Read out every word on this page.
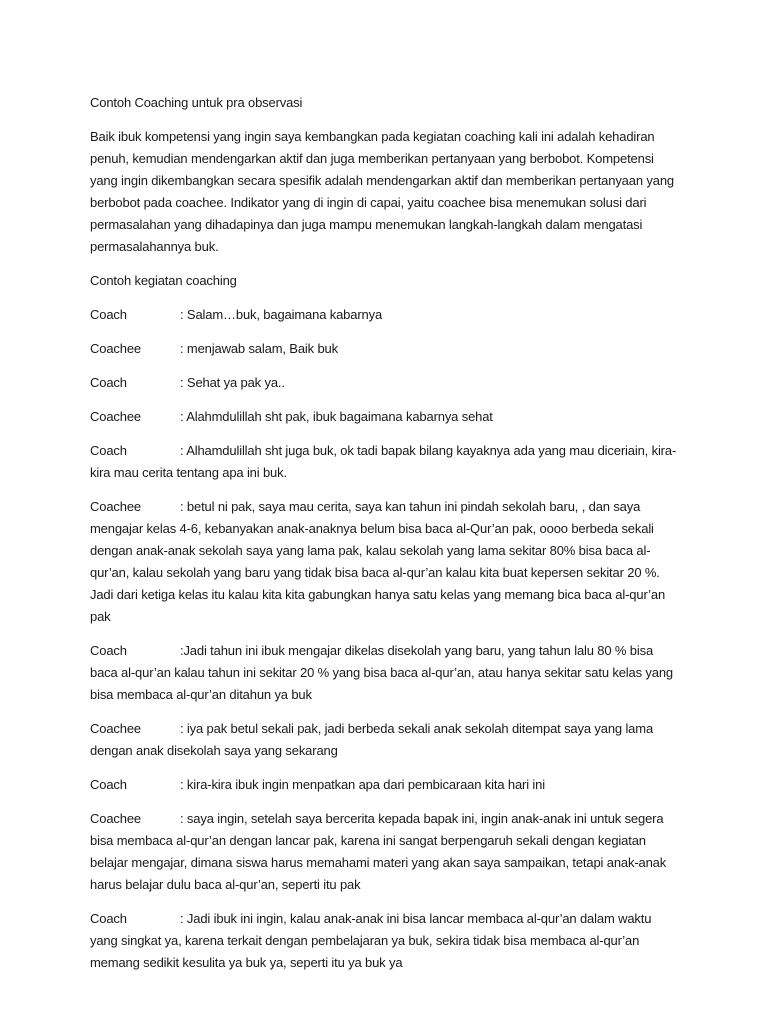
Contoh Coaching untuk pra observasi

Baik ibuk kompetensi yang ingin saya kembangkan pada kegiatan coaching kali ini adalah kehadiran penuh, kemudian mendengarkan aktif dan juga memberikan pertanyaan yang berbobot. Kompetensi yang ingin dikembangkan secara spesifik adalah mendengarkan aktif dan memberikan pertanyaan yang berbobot pada coachee. Indikator yang di ingin di capai, yaitu coachee bisa menemukan solusi dari permasalahan yang dihadapinya dan juga mampu menemukan langkah-langkah dalam mengatasi permasalahannya buk.

Contoh kegiatan coaching

Coach	: Salam…buk, bagaimana kabarnya

Coachee	: menjawab salam, Baik buk

Coach	: Sehat ya pak ya..

Coachee	: Alahmdulillah sht pak, ibuk bagaimana kabarnya sehat

Coach	: Alhamdulillah sht juga buk, ok tadi bapak bilang kayaknya ada yang mau diceriain, kira-kira mau cerita tentang apa ini buk.

Coachee	: betul ni pak, saya mau cerita, saya kan tahun ini pindah sekolah baru, , dan saya mengajar kelas 4-6, kebanyakan anak-anaknya belum bisa baca al-Qur’an pak, oooo berbeda sekali dengan anak-anak sekolah saya yang lama pak, kalau sekolah yang lama sekitar 80% bisa baca al-qur’an, kalau sekolah yang baru yang tidak bisa baca al-qur’an kalau kita buat kepersen sekitar 20 %. Jadi dari ketiga kelas itu kalau kita kita gabungkan hanya satu kelas yang memang bica baca al-qur’an pak

Coach	:Jadi tahun ini ibuk mengajar dikelas disekolah yang baru, yang tahun lalu 80 % bisa baca al-qur’an kalau tahun ini sekitar 20 % yang bisa baca al-qur’an, atau hanya sekitar satu kelas yang bisa membaca al-qur’an ditahun ya buk

Coachee	: iya pak betul sekali pak, jadi berbeda sekali anak sekolah ditempat saya yang lama dengan anak disekolah saya yang sekarang

Coach	: kira-kira ibuk ingin menpatkan apa dari pembicaraan kita hari ini

Coachee	: saya ingin, setelah saya bercerita kepada bapak ini, ingin anak-anak ini untuk segera bisa membaca al-qur’an dengan lancar pak, karena ini sangat berpengaruh sekali dengan kegiatan belajar mengajar, dimana siswa harus memahami materi yang akan saya sampaikan, tetapi anak-anak harus belajar dulu baca al-qur’an, seperti itu pak

Coach	: Jadi ibuk ini ingin, kalau anak-anak ini bisa lancar membaca al-qur’an dalam waktu yang singkat ya, karena terkait dengan pembelajaran ya buk, sekira tidak bisa membaca al-qur’an memang sedikit kesulita ya buk ya, seperti itu ya buk ya
